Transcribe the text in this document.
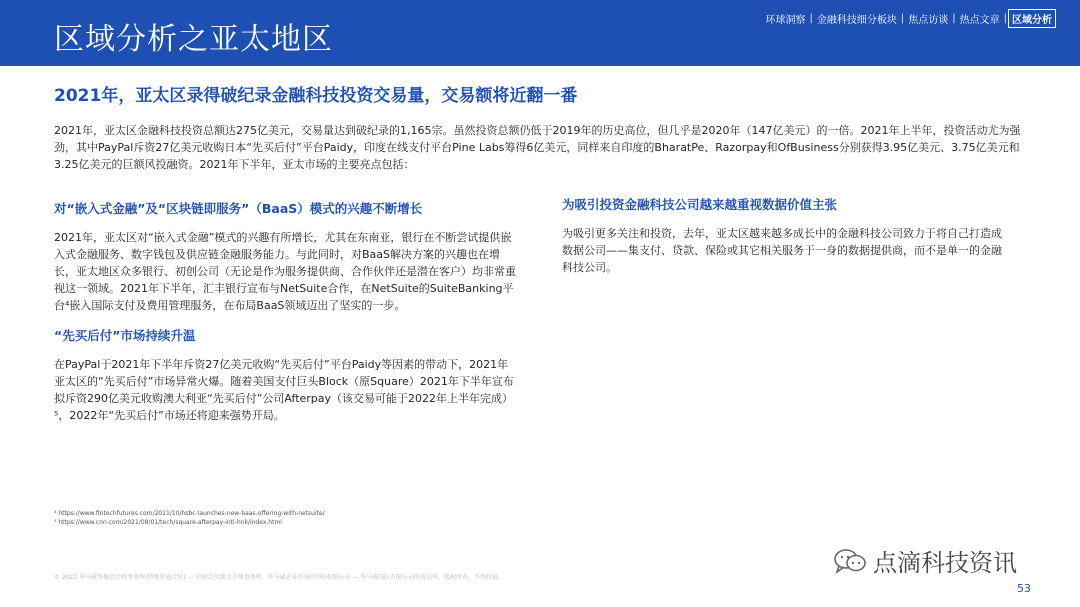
区域分析之亚太地区
环球洞察 | 金融科技细分板块 | 焦点访谈 | 热点文章 | 区域分析
2021年，亚太区录得破纪录金融科技投资交易量，交易额将近翻一番

2021年，亚太区金融科技投资总额达275亿美元，交易量达到破纪录的1,165宗。虽然投资总额仍低于2019年的历史高位，但几乎是2020年（147亿美元）的一倍。2021年上半年，投资活动尤为强劲，其中PayPal斥资27亿美元收购日本“先买后付”平台Paidy，印度在线支付平台Pine Labs筹得6亿美元，同样来自印度的BharatPe、Razorpay和OfBusiness分别获得3.95亿美元、3.75亿美元和3.25亿美元的巨额风投融资。2021年下半年，亚太市场的主要亮点包括：

对“嵌入式金融”及“区块链即服务”（BaaS）模式的兴趣不断增长

2021年，亚太区对“嵌入式金融”模式的兴趣有所增长，尤其在东南亚，银行在不断尝试提供嵌入式金融服务、数字钱包及供应链金融服务能力。与此同时，对BaaS解决方案的兴趣也在增长，亚太地区众多银行、初创公司（无论是作为服务提供商、合作伙伴还是潜在客户）均非常重视这一领域。2021年下半年，汇丰银行宣布与NetSuite合作，在NetSuite的SuiteBanking平台⁴嵌入国际支付及费用管理服务，在布局BaaS领域迈出了坚实的一步。

“先买后付”市场持续升温

在PayPal于2021年下半年斥资27亿美元收购“先买后付”平台Paidy等因素的带动下，2021年亚太区的“先买后付”市场异常火爆。随着美国支付巨头Block（原Square）2021年下半年宣布拟斥资290亿美元收购澳大利亚“先买后付”公司Afterpay（该交易可能于2022年上半年完成）⁵，2022年“先买后付”市场还将迎来强势开局。

为吸引投资金融科技公司越来越重视数据价值主张

为吸引更多关注和投资，去年，亚太区越来越多成长中的金融科技公司致力于将自己打造成数据公司——集支付、贷款、保险或其它相关服务于一身的数据提供商，而不是单一的金融科技公司。

⁴ https://www.fintechfutures.com/2021/10/hsbc-launches-new-baas-offering-with-netsuite/
⁵ https://www.cnn.com/2021/08/01/tech/square-afterpay-intl-hnk/index.html
© 2022 毕马威华振会计师事务所(特殊普通合伙) — 中国合伙制会计师事务所，毕马威企业咨询(中国)有限公司 — 毕马威国际有限公司的成员所。版权所有，不得转载。
点滴科技资讯
53
